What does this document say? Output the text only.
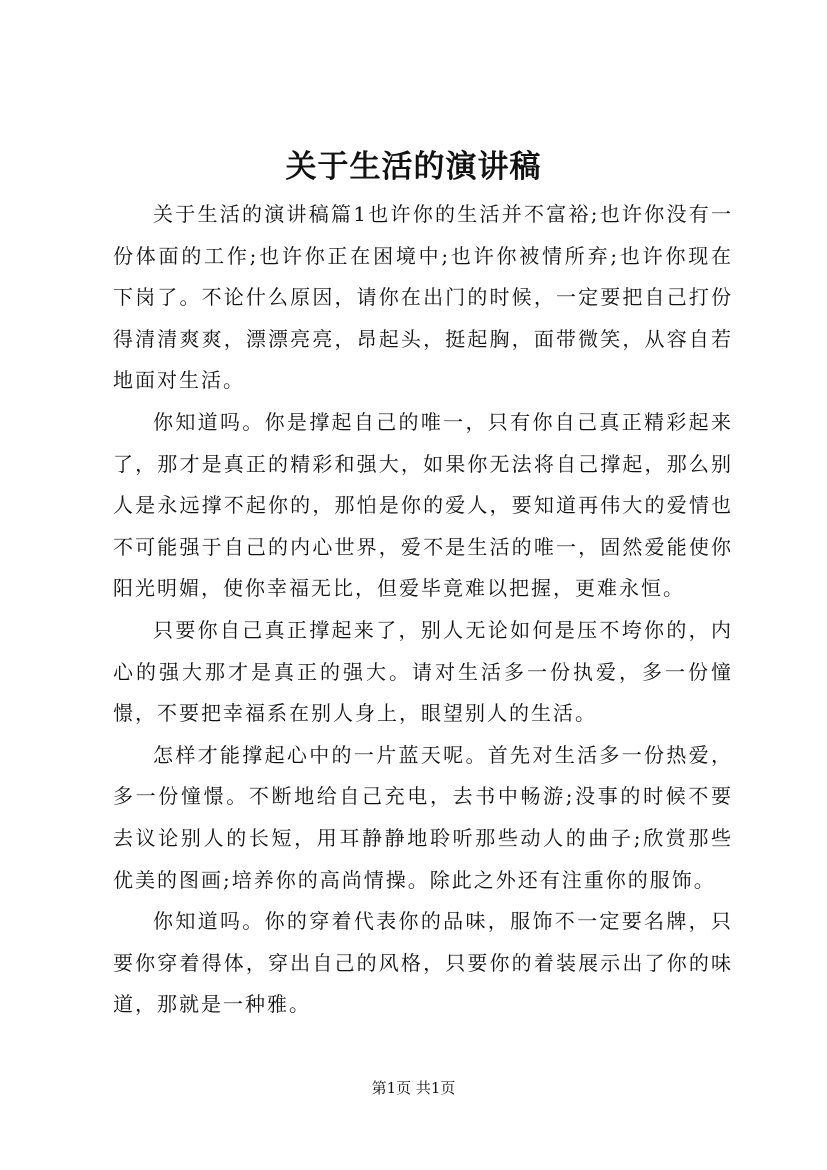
关于生活的演讲稿

关于生活的演讲稿篇1也许你的生活并不富裕;也许你没有一份体面的工作;也许你正在困境中;也许你被情所弃;也许你现在下岗了。不论什么原因，请你在出门的时候，一定要把自己打份得清清爽爽，漂漂亮亮，昂起头，挺起胸，面带微笑，从容自若地面对生活。

你知道吗。你是撑起自己的唯一，只有你自己真正精彩起来了，那才是真正的精彩和强大，如果你无法将自己撑起，那么别人是永远撑不起你的，那怕是你的爱人，要知道再伟大的爱情也不可能强于自己的内心世界，爱不是生活的唯一，固然爱能使你阳光明媚，使你幸福无比，但爱毕竟难以把握，更难永恒。

只要你自己真正撑起来了，别人无论如何是压不垮你的，内心的强大那才是真正的强大。请对生活多一份执爱，多一份憧憬，不要把幸福系在别人身上，眼望别人的生活。

怎样才能撑起心中的一片蓝天呢。首先对生活多一份热爱，多一份憧憬。不断地给自己充电，去书中畅游;没事的时候不要去议论别人的长短，用耳静静地聆听那些动人的曲子;欣赏那些优美的图画;培养你的高尚情操。除此之外还有注重你的服饰。

你知道吗。你的穿着代表你的品味，服饰不一定要名牌，只要你穿着得体，穿出自己的风格，只要你的着装展示出了你的味道，那就是一种雅。

第1页 共1页
